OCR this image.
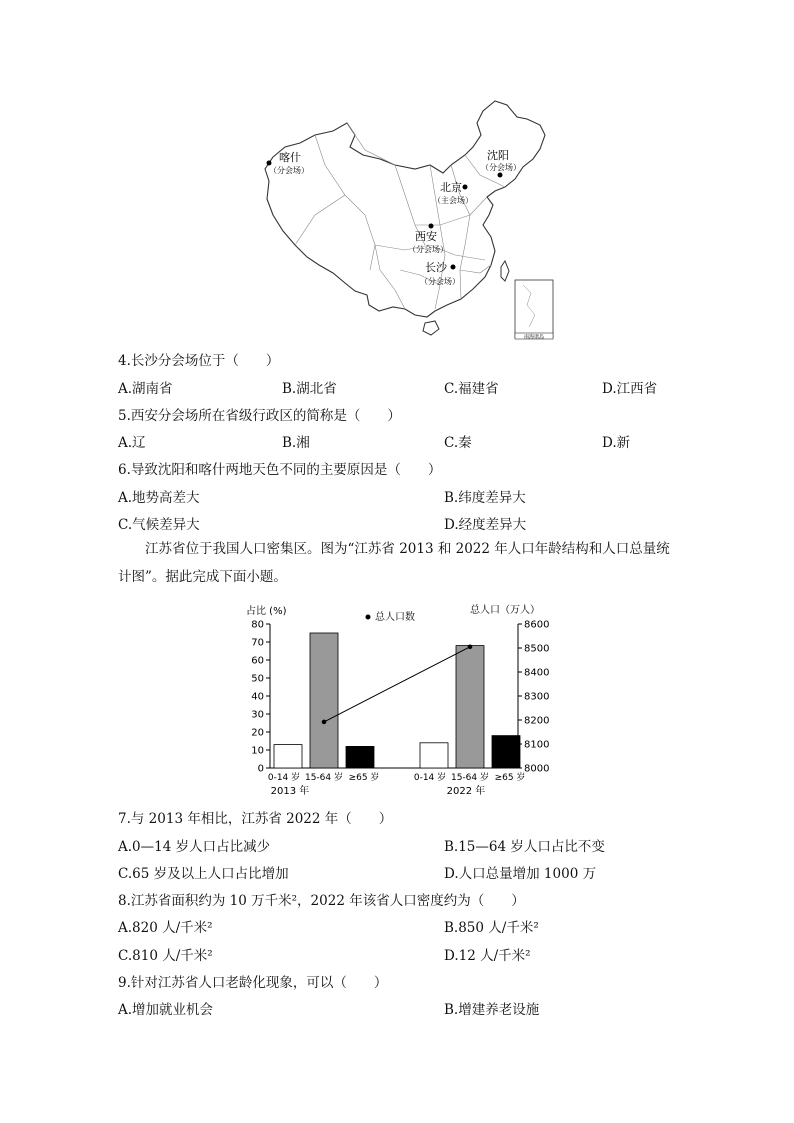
南海诸岛
喀什
（分会场）
沈阳
（分会场）
北京
（主会场）
西安
（分会场）
长沙
（分会场）
4.长沙分会场位于（　　）
A.湖南省	B.湖北省	C.福建省	D.江西省
5.西安分会场所在省级行政区的简称是（　　）
A.辽	B.湘	C.秦	D.新
6.导致沈阳和喀什两地天色不同的主要原因是（　　）
A.地势高差大	B.纬度差异大
C.气候差异大	D.经度差异大
江苏省位于我国人口密集区。图为“江苏省 2013 和 2022 年人口年龄结构和人口总量统计图”。据此完成下面小题。
占比 (%)	总人口（万人）
总人口数
0
10
20
30
40
50
60
70
80
8000
8100
8200
8300
8400
8500
8600
0-14 岁 15-64 岁 ≥65 岁	0-14 岁 15-64 岁 ≥65 岁
2013 年	2022 年
7.与 2013 年相比，江苏省 2022 年（　　）
A.0—14 岁人口占比减少	B.15—64 岁人口占比不变
C.65 岁及以上人口占比增加	D.人口总量增加 1000 万
8.江苏省面积约为 10 万千米²，2022 年该省人口密度约为（　　）
A.820 人/千米²	B.850 人/千米²
C.810 人/千米²	D.12 人/千米²
9.针对江苏省人口老龄化现象，可以（　　）
A.增加就业机会	B.增建养老设施
